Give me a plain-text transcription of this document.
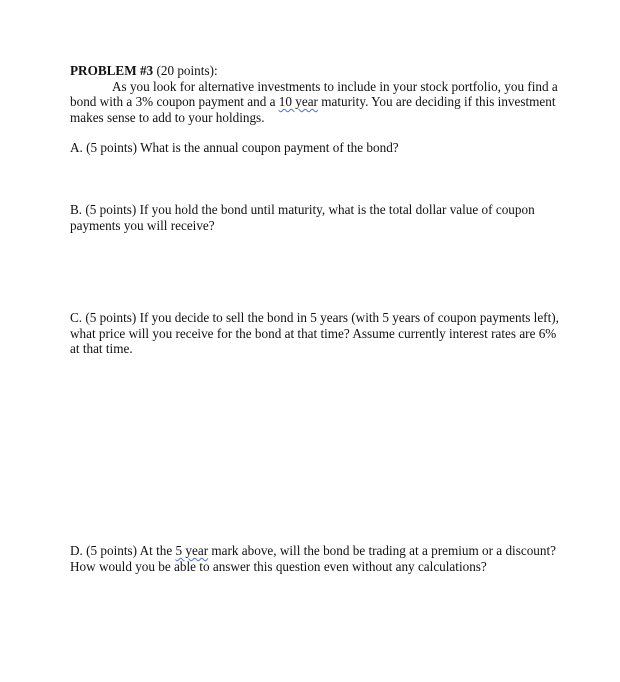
PROBLEM #3 (20 points):
As you look for alternative investments to include in your stock portfolio, you find a bond with a 3% coupon payment and a 10 year maturity. You are deciding if this investment makes sense to add to your holdings.
A. (5 points) What is the annual coupon payment of the bond?
B. (5 points) If you hold the bond until maturity, what is the total dollar value of coupon payments you will receive?
C. (5 points) If you decide to sell the bond in 5 years (with 5 years of coupon payments left), what price will you receive for the bond at that time? Assume currently interest rates are 6% at that time.
D. (5 points) At the 5 year mark above, will the bond be trading at a premium or a discount? How would you be able to answer this question even without any calculations?
